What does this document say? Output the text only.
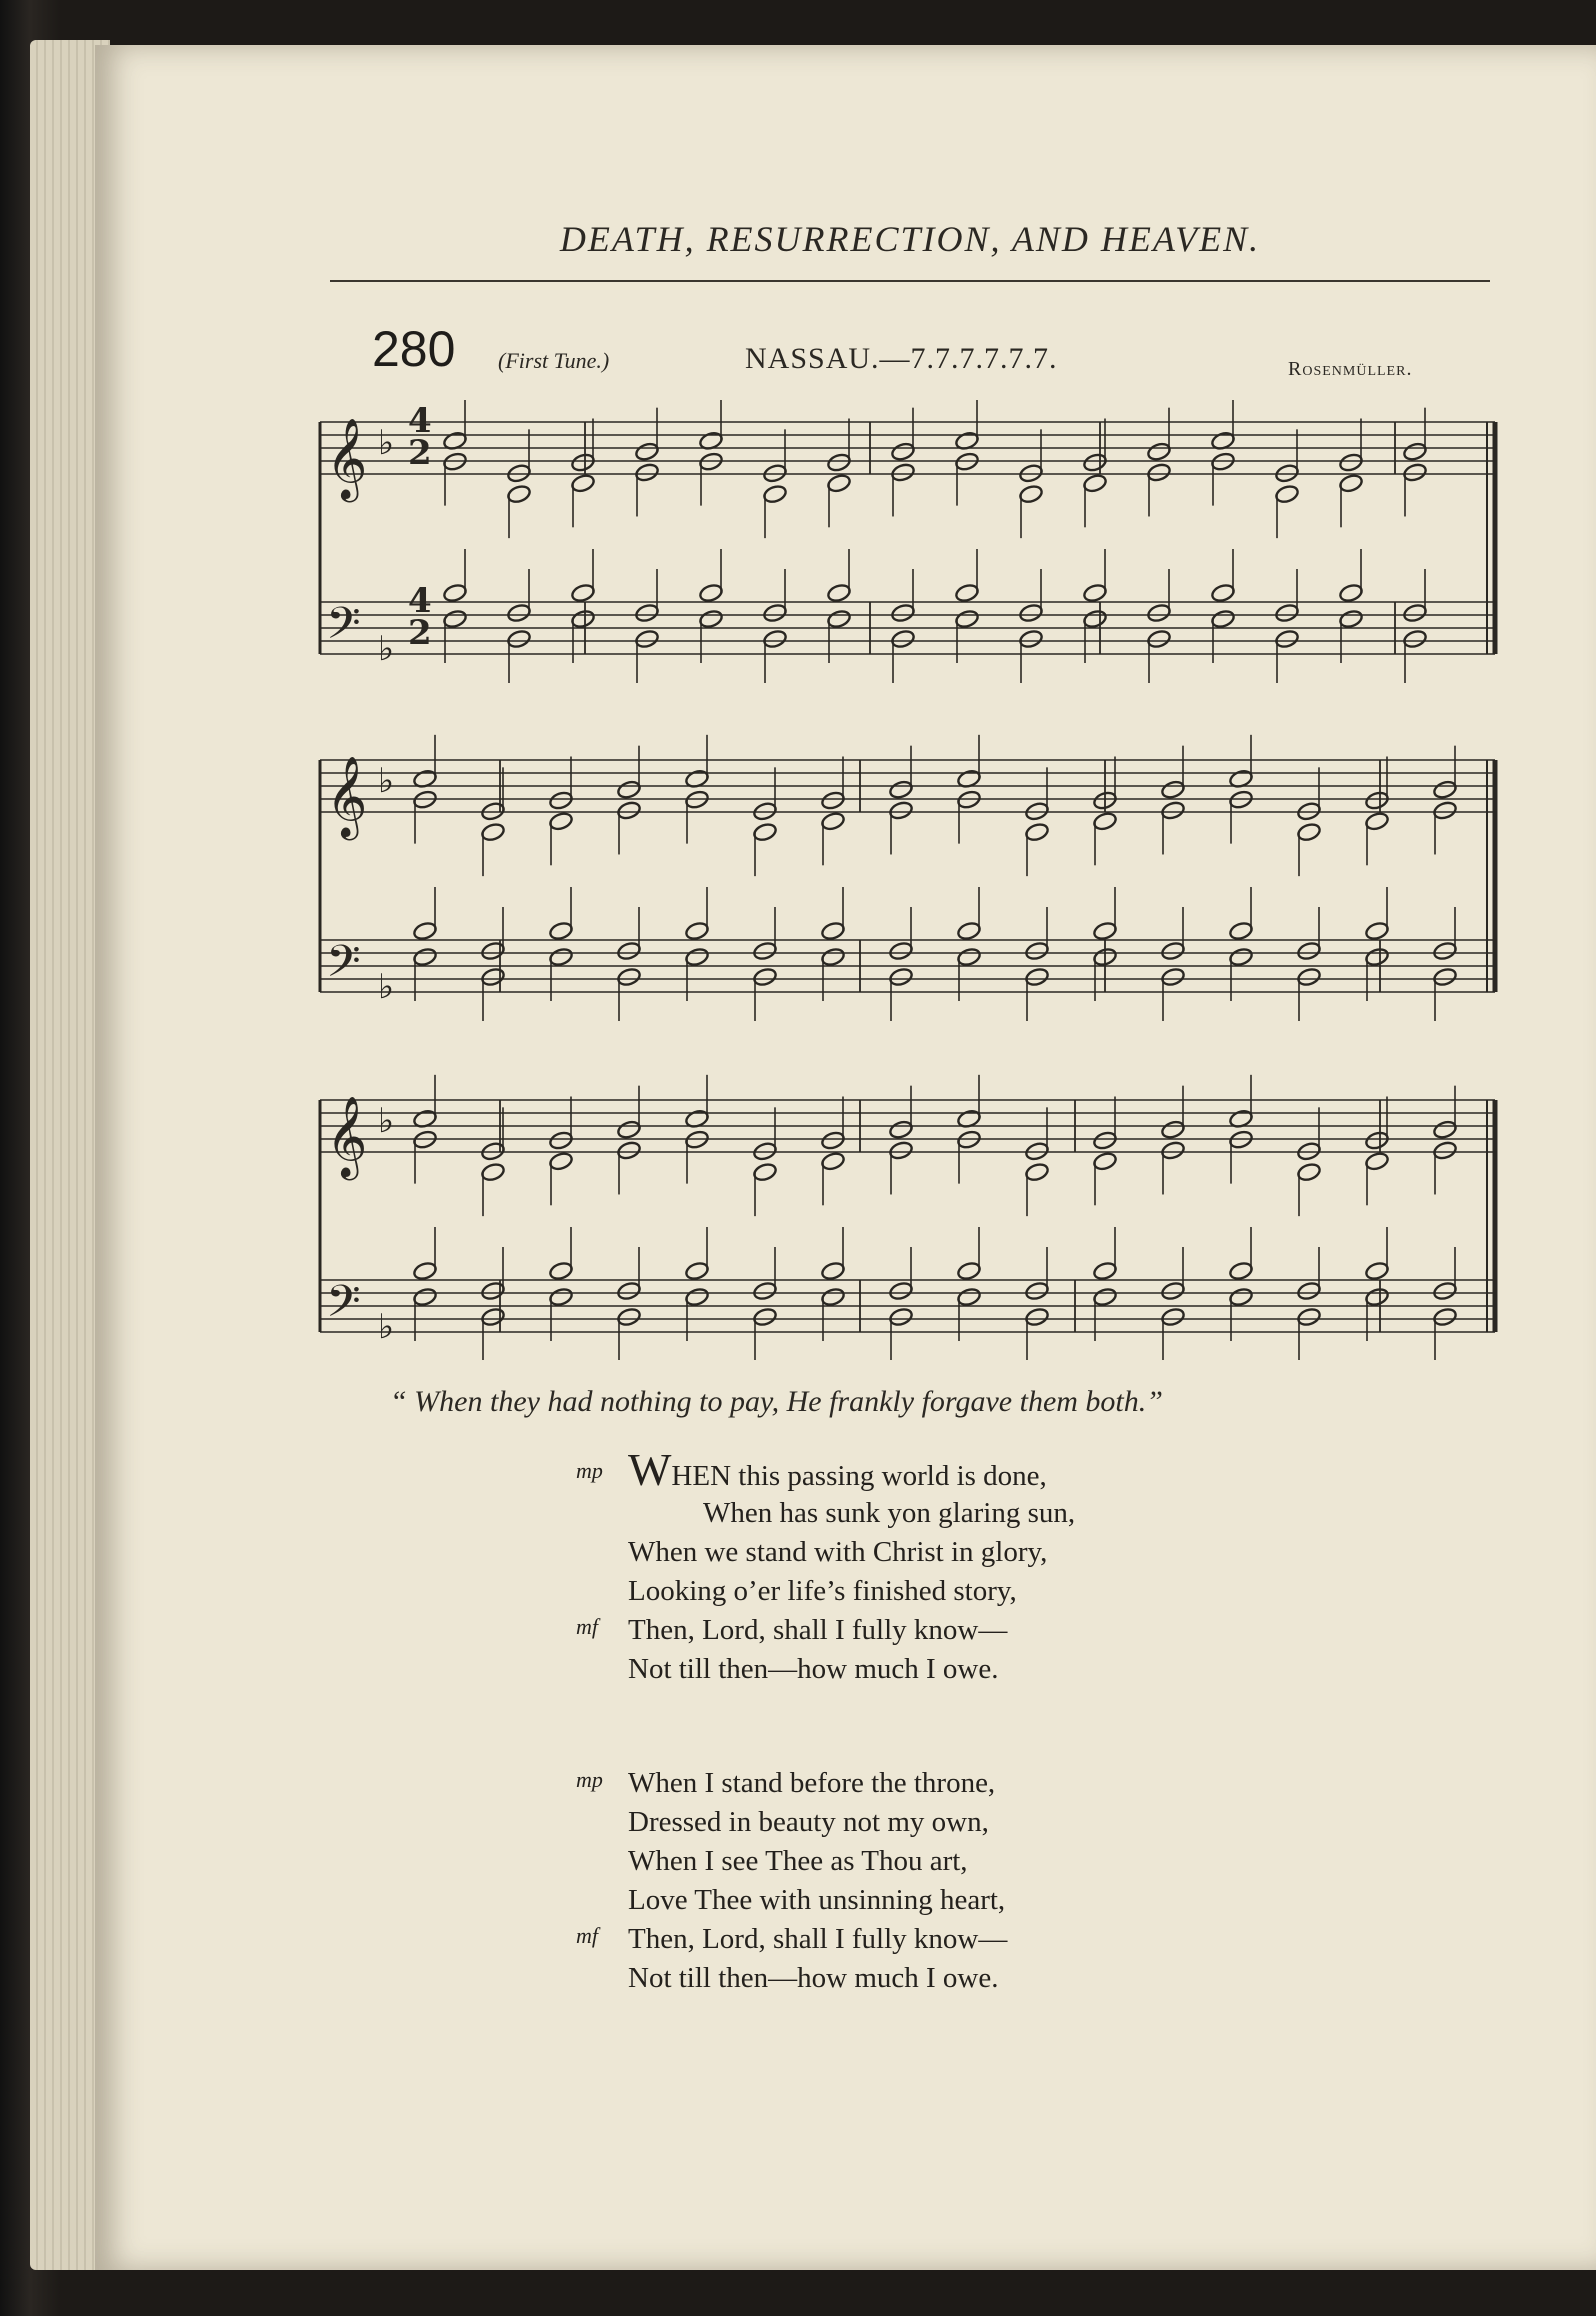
DEATH, RESURRECTION, AND HEAVEN.
280 (First Tune.)	NASSAU.—7.7.7.7.7.7.	Rosenmüller.
𝄞
𝄢
♭
♭
𝄞
𝄢
♭
♭
𝄞
𝄢
♭
♭
4
2
4
2
“ When they had nothing to pay, He frankly forgave them both.”
mp WHEN this passing world is done,
When has sunk yon glaring sun,
When we stand with Christ in glory,
Looking o’er life’s finished story,
mf Then, Lord, shall I fully know—
Not till then—how much I owe.
mp When I stand before the throne,
Dressed in beauty not my own,
When I see Thee as Thou art,
Love Thee with unsinning heart,
mf Then, Lord, shall I fully know—
Not till then—how much I owe.
